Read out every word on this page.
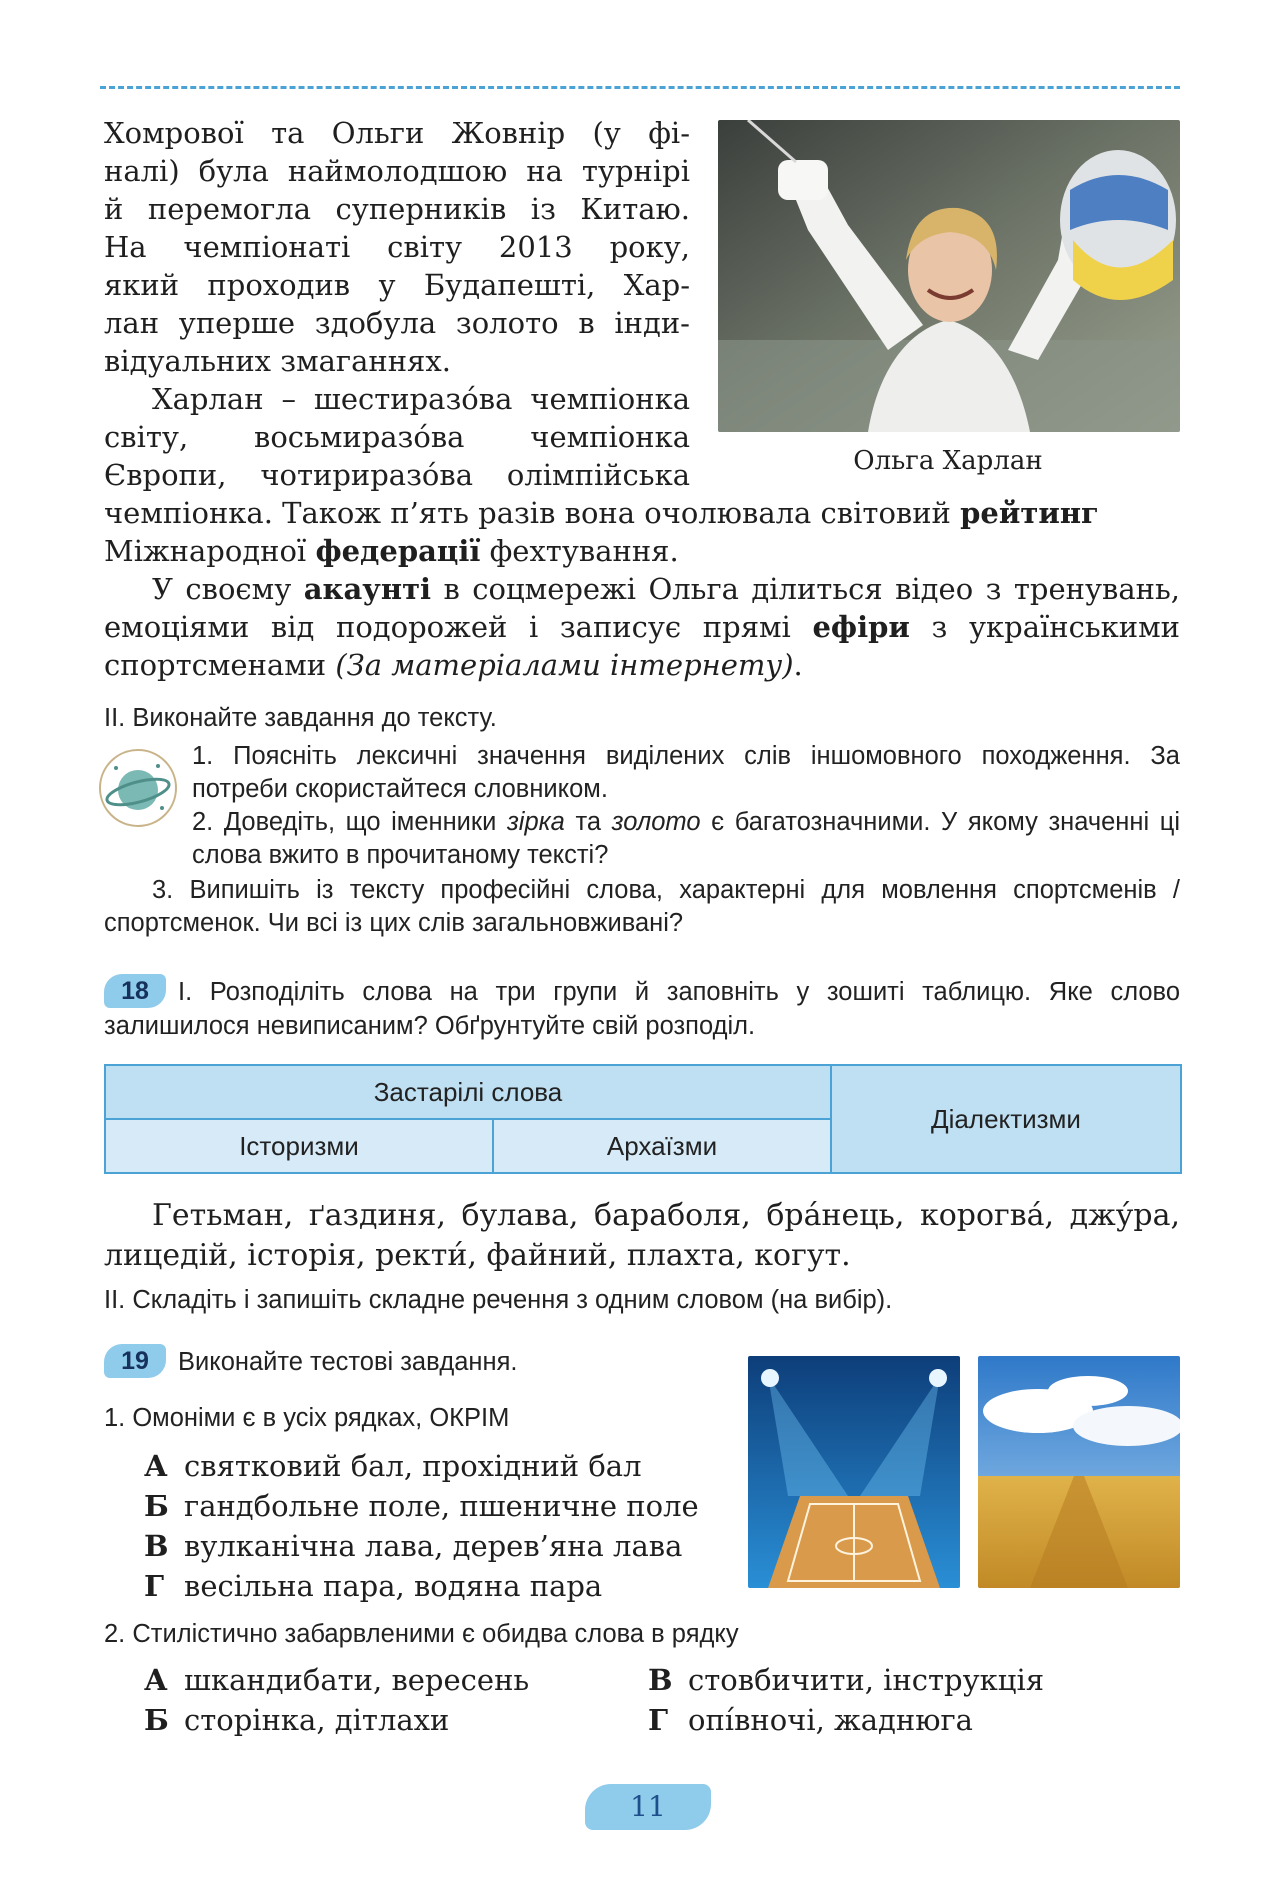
Хомрової та Ольги Жовнір (у фі-
налі) була наймолодшою на турнірі
й перемогла суперників із Китаю.
На чемпіонаті світу 2013 року,
який проходив у Будапешті, Хар-
лан уперше здобула золото в інди-
відуальних змаганнях.
Харлан – шестиразо́ва чемпіонка
світу, восьмиразо́ва чемпіонка
Європи, чотириразо́ва олімпійська	Ольга Харлан
чемпіонка. Також п’ять разів вона очолювала світовий рейтинг
Міжнародної федерації фехтування.
У своєму акаунті в соцмережі Ольга ділиться відео з тренувань, емоціями від подорожей і записує прямі ефіри з українськими спортсменами (За матеріалами інтернету).
ІІ. Виконайте завдання до тексту.
1. Поясніть лексичні значення виділених слів іншомовного походження. За потреби скористайтеся словником.
2. Доведіть, що іменники зірка та золото є багатозначними. У якому значенні ці слова вжито в прочитаному тексті?
3. Випишіть із тексту професійні слова, характерні для мовлення спортсменів / спортсменок. Чи всі із цих слів загальновживані?
18 І. Розподіліть слова на три групи й заповніть у зошиті таблицю. Яке слово залишилося невиписаним? Обґрунтуйте свій розподіл.
Застарілі слова		Діалектизми
Історизми	Архаїзми	
Гетьман, ґаздиня, булава, бараболя, бра́нець, корогва́, джу́ра, лицедій, історія, ректи́, файний, плахта, когут.
ІІ. Складіть і запишіть складне речення з одним словом (на вибір).
19 Виконайте тестові завдання.
1. Омоніми є в усіх рядках, ОКРІМ
А святковий бал, прохідний бал
Б гандбольне поле, пшеничне поле
В вулканічна лава, дерев’яна лава
Г весільна пара, водяна пара
2. Стилістично забарвленими є обидва слова в рядку
А шкандибати, вересень	В стовбичити, інструкція
Б сторінка, дітлахи	Г опі́вночі, жаднюга
11
